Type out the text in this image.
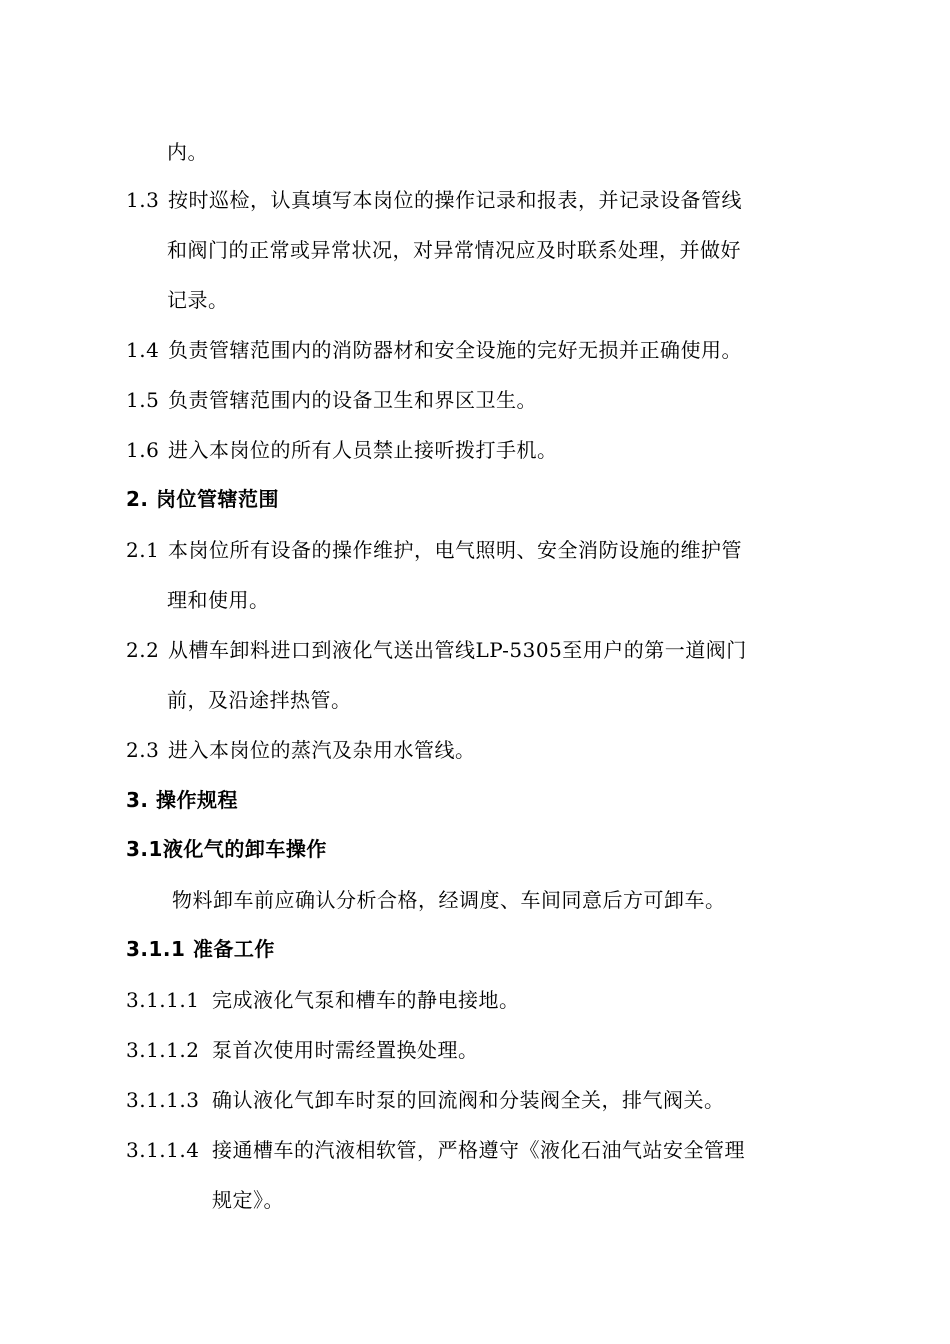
内。
1.3 按时巡检，认真填写本岗位的操作记录和报表，并记录设备管线
和阀门的正常或异常状况，对异常情况应及时联系处理，并做好
记录。
1.4 负责管辖范围内的消防器材和安全设施的完好无损并正确使用。
1.5 负责管辖范围内的设备卫生和界区卫生。
1.6 进入本岗位的所有人员禁止接听拨打手机。
2. 岗位管辖范围
2.1 本岗位所有设备的操作维护，电气照明、安全消防设施的维护管
理和使用。
2.2 从槽车卸料进口到液化气送出管线LP-5305至用户的第一道阀门
前，及沿途拌热管。
2.3 进入本岗位的蒸汽及杂用水管线。
3. 操作规程
3.1液化气的卸车操作
物料卸车前应确认分析合格，经调度、车间同意后方可卸车。
3.1.1 准备工作
3.1.1.1 完成液化气泵和槽车的静电接地。
3.1.1.2 泵首次使用时需经置换处理。
3.1.1.3 确认液化气卸车时泵的回流阀和分装阀全关，排气阀关。
3.1.1.4 接通槽车的汽液相软管，严格遵守《液化石油气站安全管理
规定》。
